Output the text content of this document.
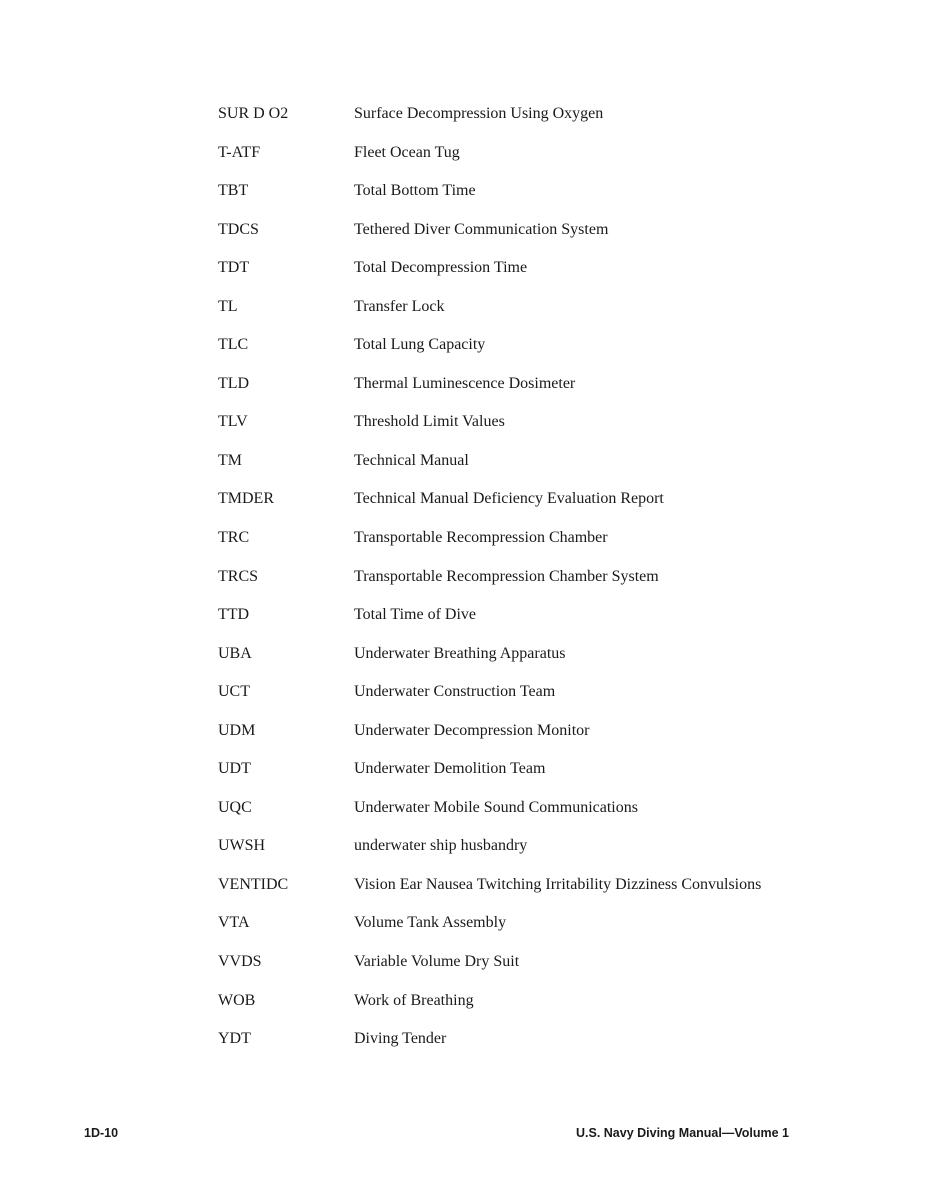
SUR D O2	Surface Decompression Using Oxygen
T-ATF	Fleet Ocean Tug
TBT	Total Bottom Time
TDCS	Tethered Diver Communication System
TDT	Total Decompression Time
TL	Transfer Lock
TLC	Total Lung Capacity
TLD	Thermal Luminescence Dosimeter
TLV	Threshold Limit Values
TM	Technical Manual
TMDER	Technical Manual Deficiency Evaluation Report
TRC	Transportable Recompression Chamber
TRCS	Transportable Recompression Chamber System
TTD	Total Time of Dive
UBA	Underwater Breathing Apparatus
UCT	Underwater Construction Team
UDM	Underwater Decompression Monitor
UDT	Underwater Demolition Team
UQC	Underwater Mobile Sound Communications
UWSH	underwater ship husbandry
VENTIDC	Vision Ear Nausea Twitching Irritability Dizziness Convulsions
VTA	Volume Tank Assembly
VVDS	Variable Volume Dry Suit
WOB	Work of Breathing
YDT	Diving Tender
1D-10	U.S. Navy Diving Manual—Volume 1
